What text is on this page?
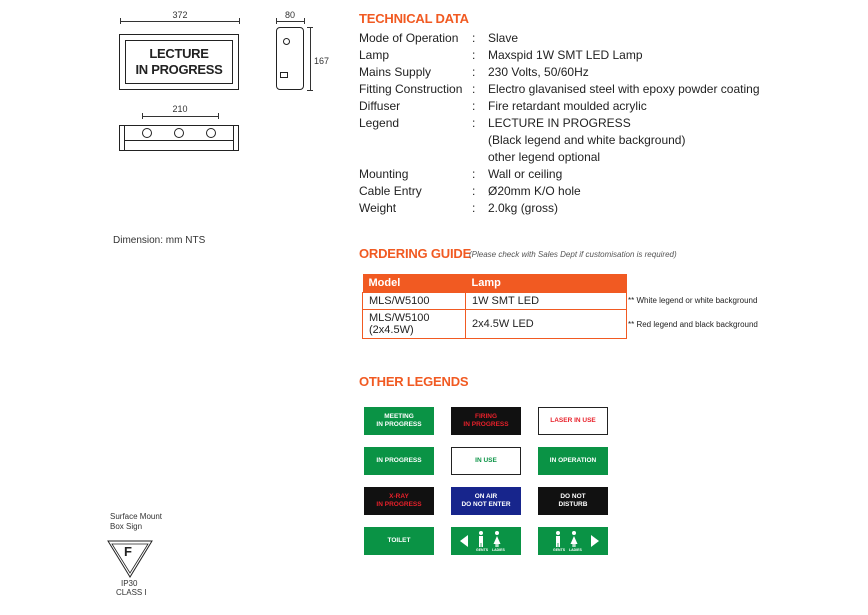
372
LECTURE
IN PROGRESS
80
167
210
Dimension: mm NTS
TECHNICAL DATA
Mode of Operation : Slave
Lamp	: Maxspid 1W SMT LED Lamp
Mains Supply	: 230 Volts, 50/60Hz
Fitting Construction : Electro glavanised steel with epoxy powder coating
Diffuser	: Fire retardant moulded acrylic
Legend	: LECTURE IN PROGRESS
(Black legend and white background)
other legend optional
Mounting	: Wall or ceiling
Cable Entry	: Ø20mm K/O hole
Weight	: 2.0kg (gross)
ORDERING GUIDE
(Please check with Sales Dept if customisation is required)
Model	Lamp
MLS/W5100	1W SMT LED

MLS/W5100
(2x4.5W)	2x4.5W LED
** White legend or white background
** Red legend and black background
OTHER LEGENDS
MEETING
IN PROGRESS
FIRING
IN PROGRESS
LASER IN USE
IN PROGRESS	IN USE	IN OPERATION
X-RAY
IN PROGRESS
ON AIR
DO NOT ENTER
DO NOT
DISTURB
TOILET
GENTS LADIES	GENTS LADIES
Surface Mount
Box Sign
F
IP30
CLASS I
